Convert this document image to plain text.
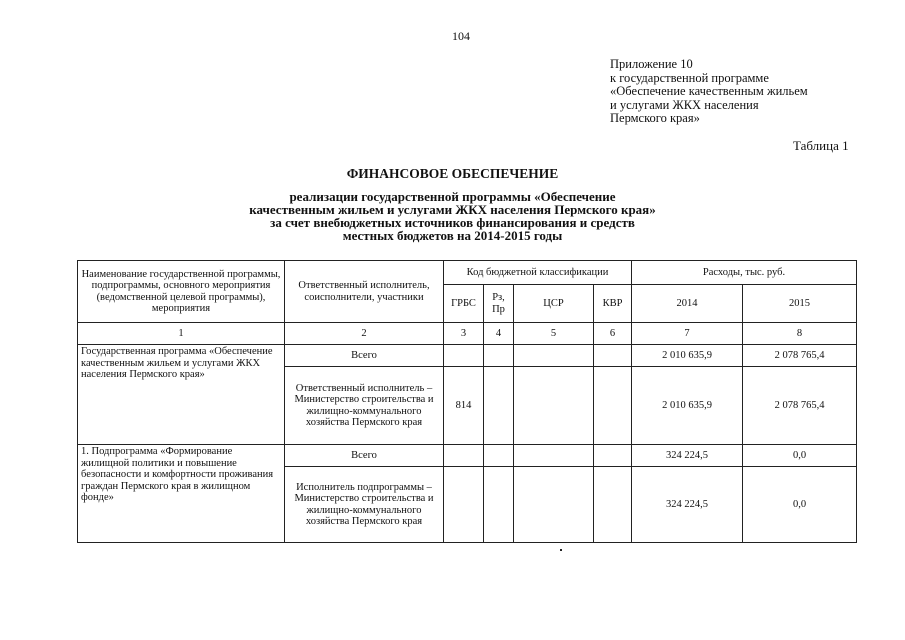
104
Приложение 10
к государственной программе
«Обеспечение качественным жильем
и услугами ЖКХ населения
Пермского края»
Таблица 1
ФИНАНСОВОЕ ОБЕСПЕЧЕНИЕ
реализации государственной программы «Обеспечение
качественным жильем и услугами ЖКХ населения Пермского края»
за счет внебюджетных источников финансирования и средств
местных бюджетов на 2014-2015 годы
Наименование государственной программы, подпрограммы, основного мероприятия (ведомственной целевой программы), мероприятия	Ответственный исполнитель, соисполнители, участники	Код бюджетной классификации				Расходы, тыс. руб.	
		ГРБС	Рз, Пр	ЦСР	КВР	2014	2015
1	2	3	4	5	6	7	8
Государственная программа «Обеспечение качественным жильем и услугами ЖКХ населения Пермского края»	Всего					2 010 635,9	2 078 765,4
	Ответственный исполнитель – Министерство строительства и жилищно-коммунального хозяйства Пермского края	814				2 010 635,9	2 078 765,4
1. Подпрограмма «Формирование жилищной политики и повышение безопасности и комфортности проживания граждан Пермского края в жилищном фонде»	Всего					324 224,5	0,0
	Исполнитель подпрограммы – Министерство строительства и жилищно-коммунального хозяйства Пермского края					324 224,5	0,0
